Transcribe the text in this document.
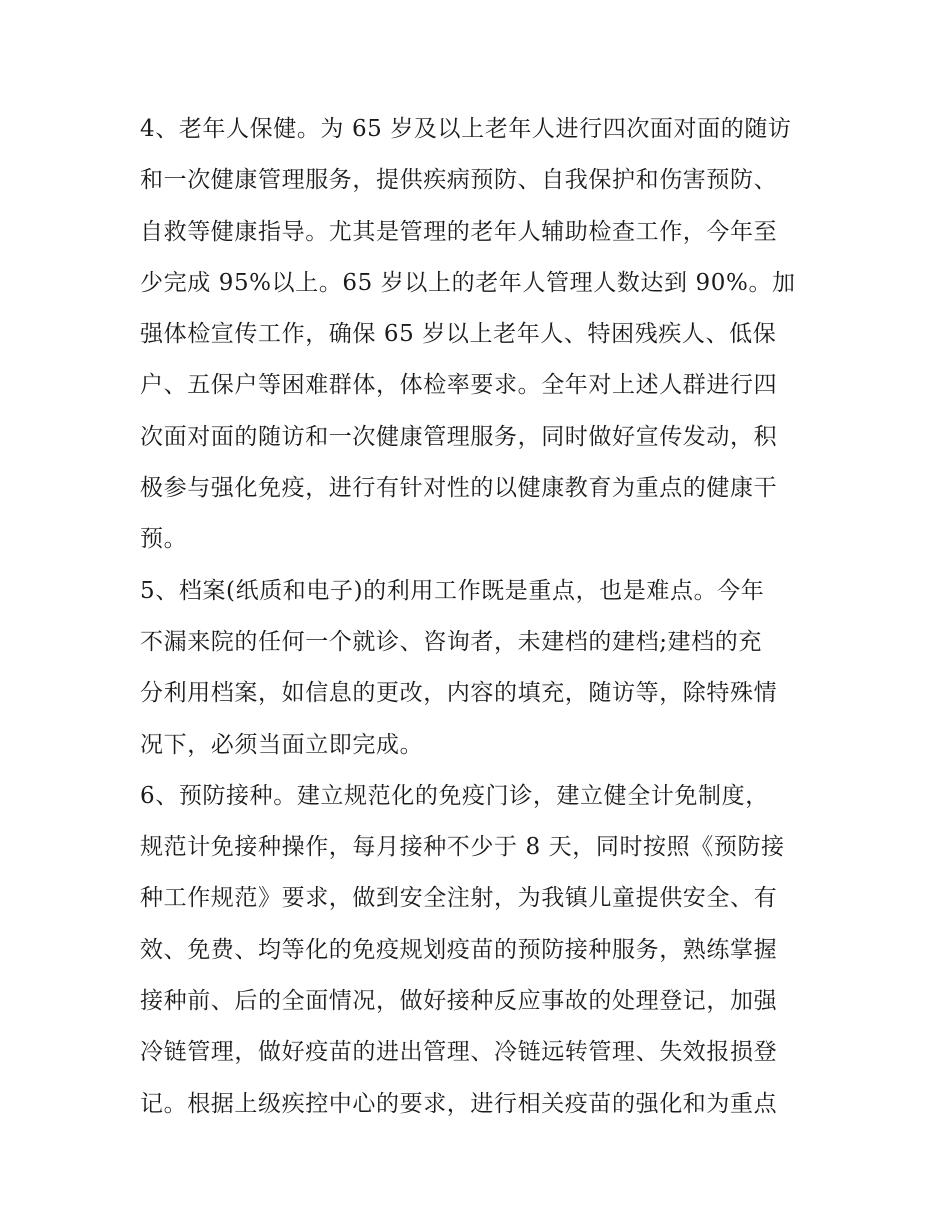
4、老年人保健。为 65 岁及以上老年人进行四次面对面的随访
和一次健康管理服务，提供疾病预防、自我保护和伤害预防、
自救等健康指导。尤其是管理的老年人辅助检查工作，今年至
少完成 95%以上。65 岁以上的老年人管理人数达到 90%。加
强体检宣传工作，确保 65 岁以上老年人、特困残疾人、低保
户、五保户等困难群体，体检率要求。全年对上述人群进行四
次面对面的随访和一次健康管理服务，同时做好宣传发动，积
极参与强化免疫，进行有针对性的以健康教育为重点的健康干
预。

5、档案(纸质和电子)的利用工作既是重点，也是难点。今年
不漏来院的任何一个就诊、咨询者，未建档的建档;建档的充
分利用档案，如信息的更改，内容的填充，随访等，除特殊情
况下，必须当面立即完成。

6、预防接种。建立规范化的免疫门诊，建立健全计免制度，
规范计免接种操作，每月接种不少于 8 天，同时按照《预防接
种工作规范》要求，做到安全注射，为我镇儿童提供安全、有
效、免费、均等化的免疫规划疫苗的预防接种服务，熟练掌握
接种前、后的全面情况，做好接种反应事故的处理登记，加强
冷链管理，做好疫苗的进出管理、冷链远转管理、失效报损登
记。根据上级疾控中心的要求，进行相关疫苗的强化和为重点
